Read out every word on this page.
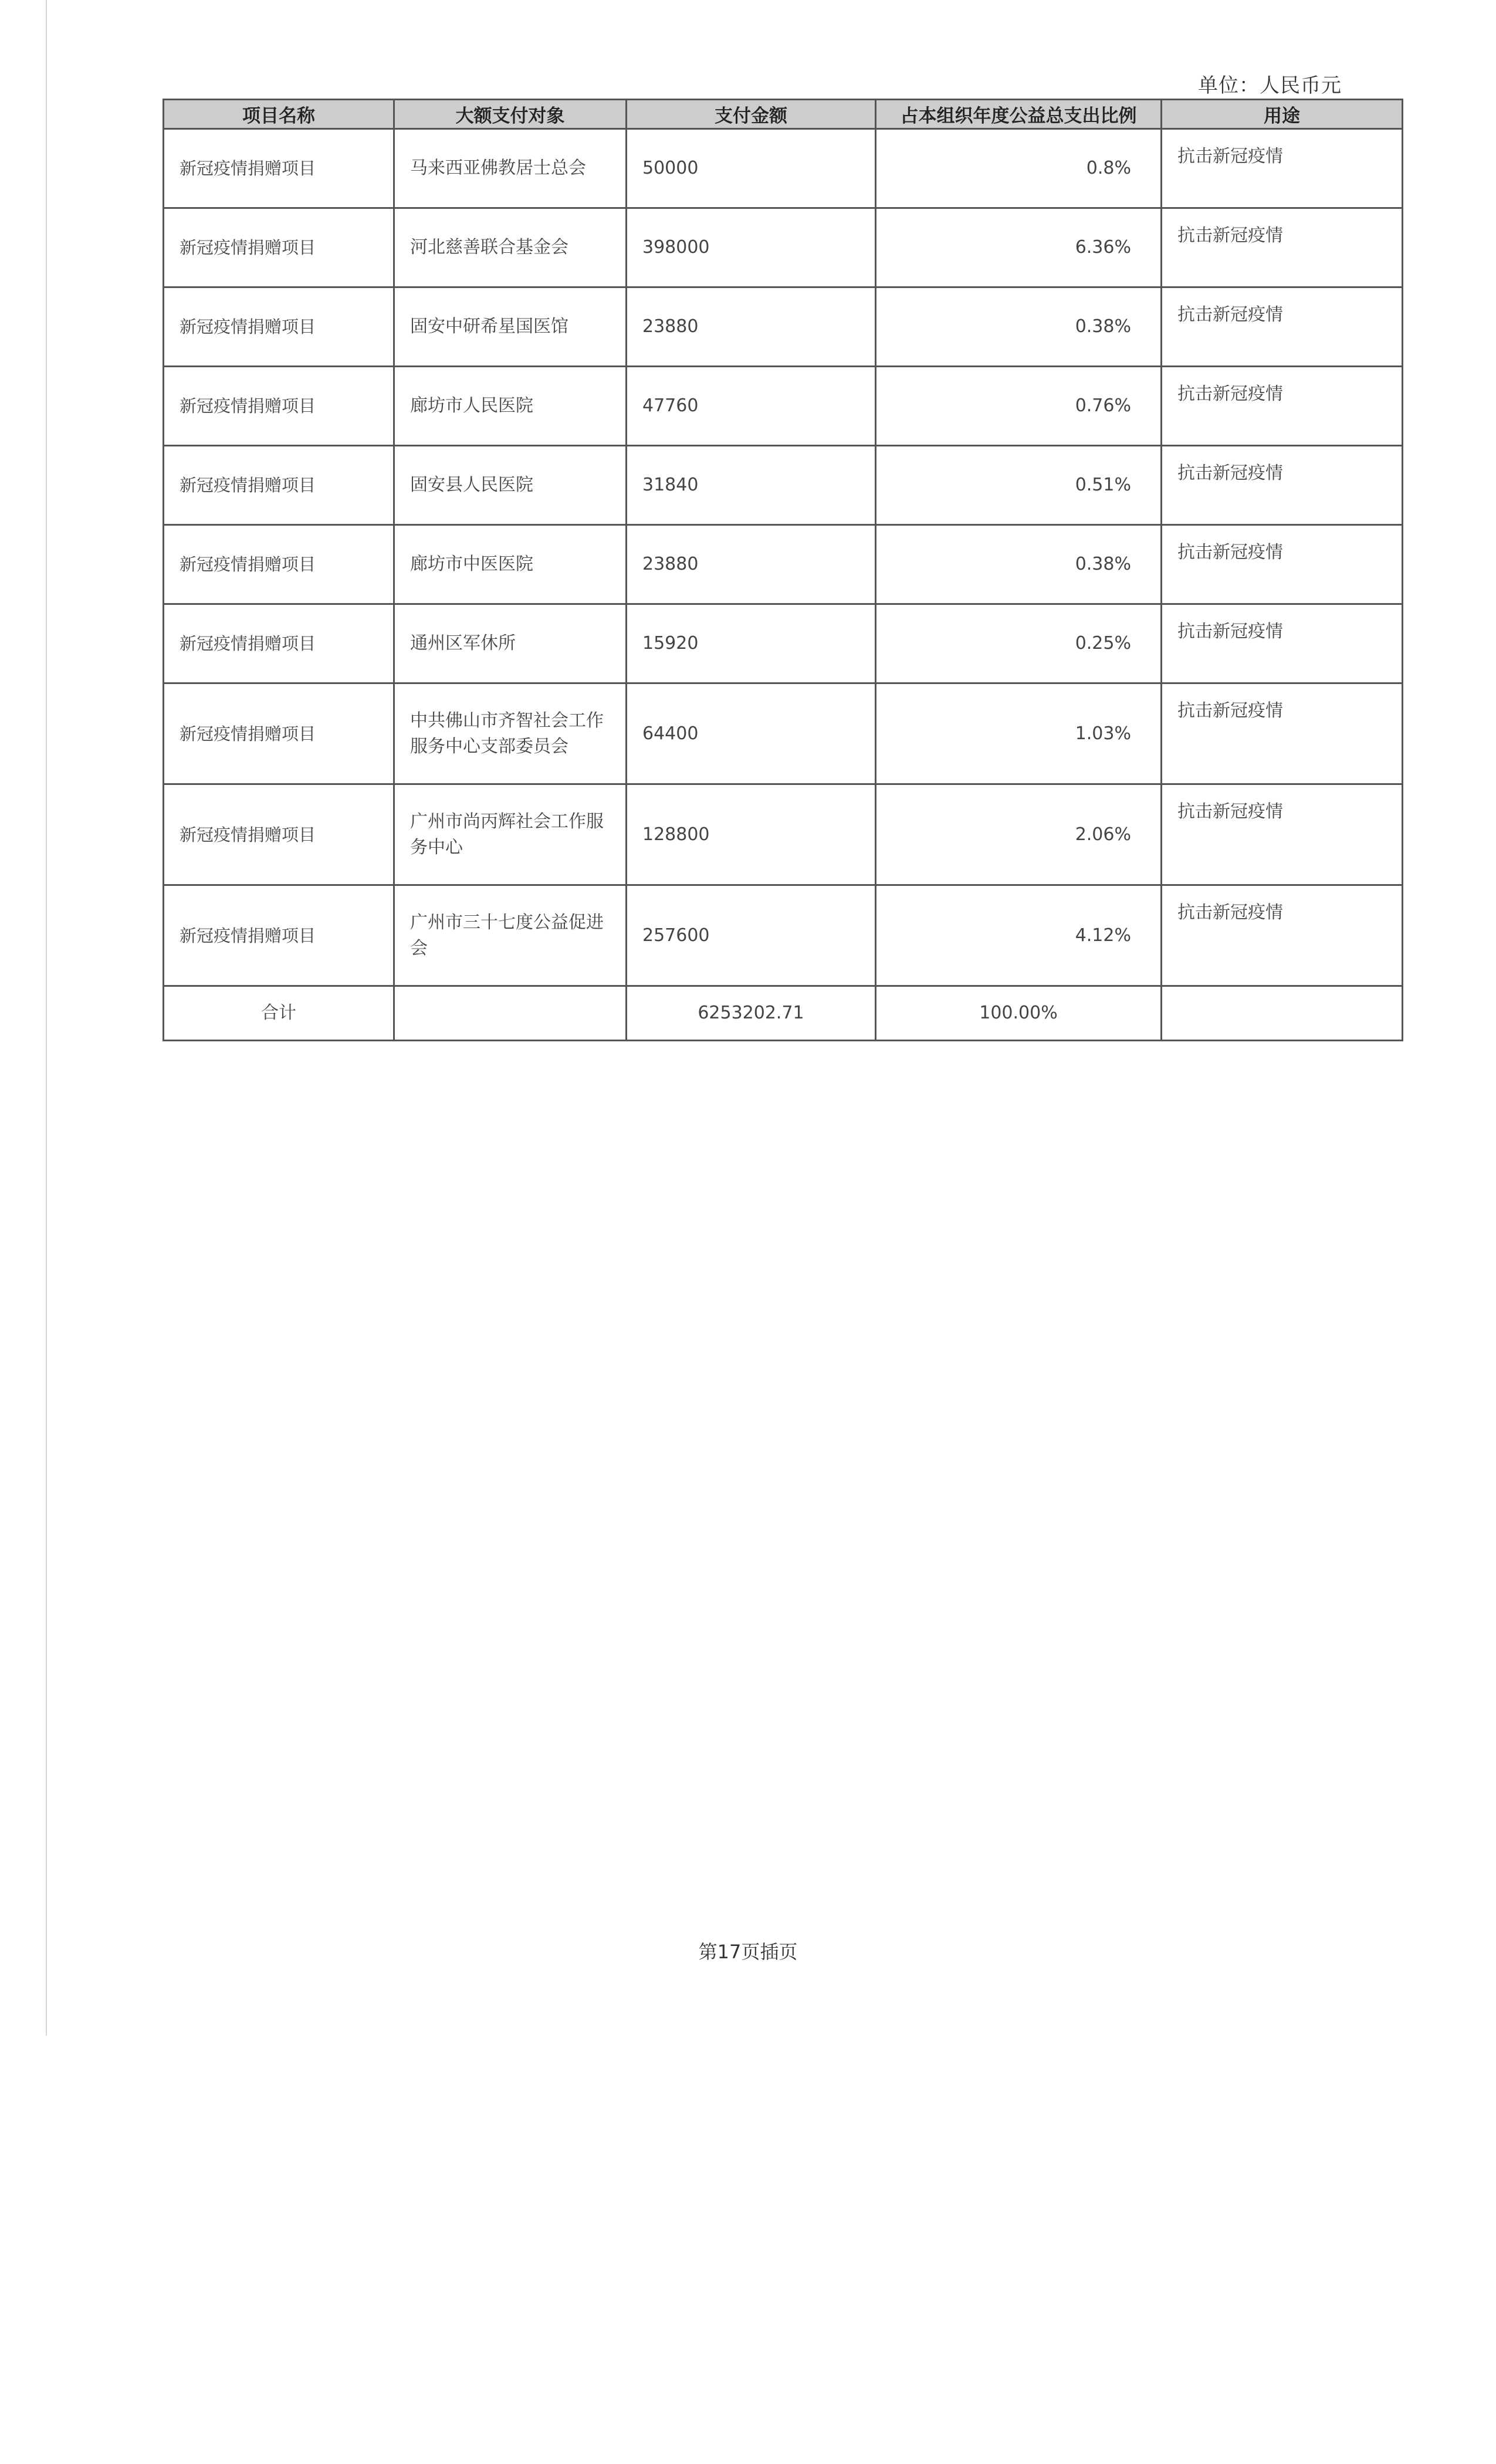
单位：人民币元
项目名称	大额支付对象	支付金额	占本组织年度公益总支出比例	用途
新冠疫情捐赠项目	马来西亚佛教居士总会	50000	0.8%	抗击新冠疫情
新冠疫情捐赠项目	河北慈善联合基金会	398000	6.36%	抗击新冠疫情
新冠疫情捐赠项目	固安中研希星国医馆	23880	0.38%	抗击新冠疫情
新冠疫情捐赠项目	廊坊市人民医院	47760	0.76%	抗击新冠疫情
新冠疫情捐赠项目	固安县人民医院	31840	0.51%	抗击新冠疫情
新冠疫情捐赠项目	廊坊市中医医院	23880	0.38%	抗击新冠疫情
新冠疫情捐赠项目	通州区军休所	15920	0.25%	抗击新冠疫情
新冠疫情捐赠项目	中共佛山市齐智社会工作服务中心支部委员会	64400	1.03%	抗击新冠疫情
新冠疫情捐赠项目	广州市尚丙辉社会工作服务中心	128800	2.06%	抗击新冠疫情
新冠疫情捐赠项目	广州市三十七度公益促进会	257600	4.12%	抗击新冠疫情
合计		6253202.71	100.00%	
第17页插页
